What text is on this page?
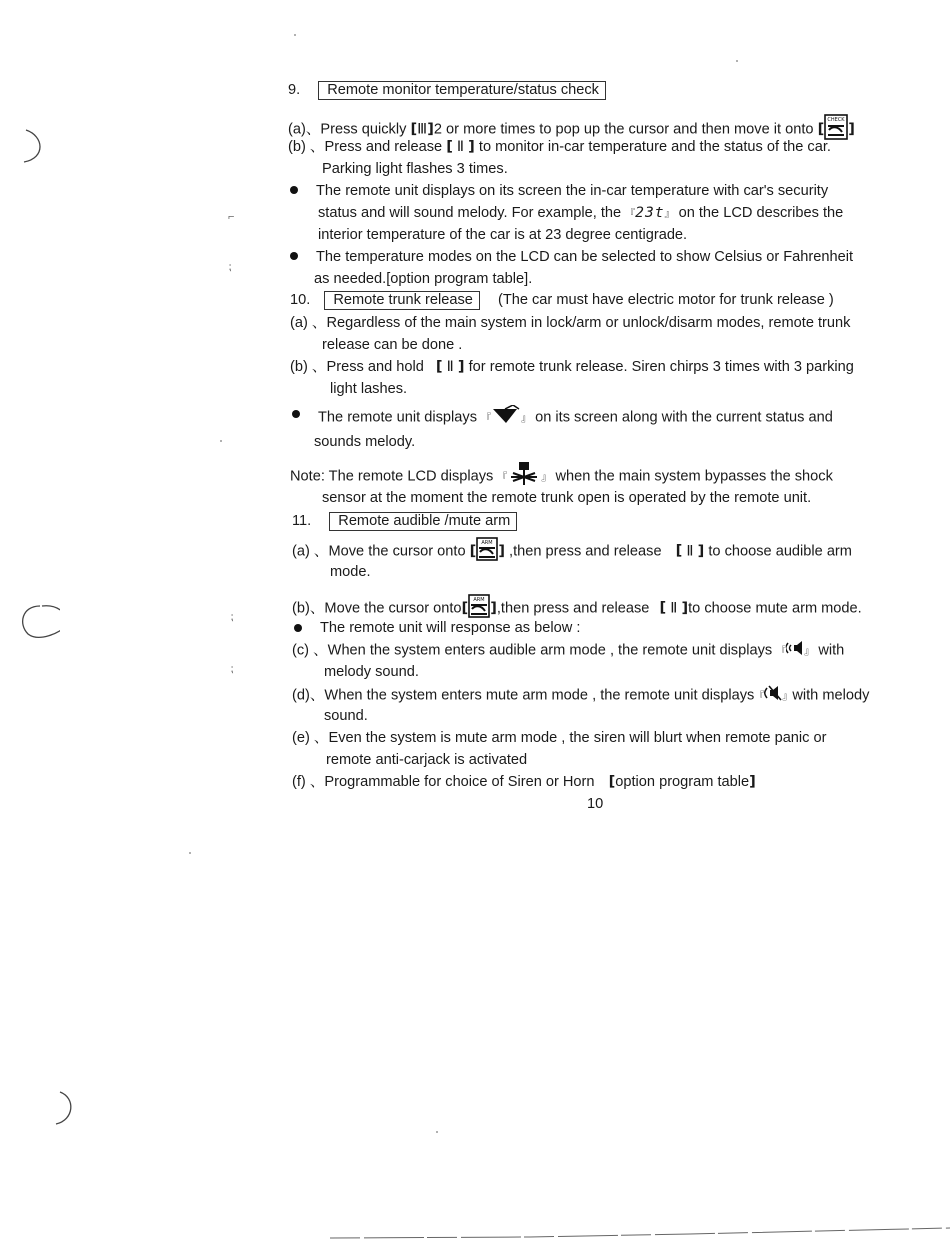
⌐
⁏
⁏
⁏
9. Remote monitor temperature/status check
(a)、Press quickly [Ⅲ]2 or more times to pop up the cursor and then move it onto [
CHECK
]
(b) 、Press and release [ Ⅱ ] to monitor in-car temperature and the status of the car.
Parking light flashes 3 times.
The remote unit displays on its screen the in-car temperature with car's security
status and will sound melody. For example, the 『23t』 on the LCD describes the
interior temperature of the car is at 23 degree centigrade.
The temperature modes on the LCD can be selected to show Celsius or Fahrenheit
as needed.[option program table].
10. Remote trunk release (The car must have electric motor for trunk release )
(a) 、Regardless of the main system in lock/arm or unlock/disarm modes, remote trunk
release can be done .
(b) 、Press and hold [ Ⅱ ] for remote trunk release. Siren chirps 3 times with 3 parking
light lashes.
The remote unit displays 『	』 on its screen along with the current status and
sounds melody.
Note: The remote LCD displays 『	』 when the main system bypasses the shock
sensor at the moment the remote trunk open is operated by the remote unit.
11. Remote audible /mute arm
(a) 、Move the cursor onto [ ARM ] ,then press and release [ Ⅱ ] to choose audible arm
mode.
(b)、Move the cursor onto[ ARM ],then press and release [ Ⅱ ]to choose mute arm mode.
The remote unit will response as below :
(c) 、When the system enters audible arm mode , the remote unit displays 『 』 with
melody sound.
(d)、When the system enters mute arm mode , the remote unit displays『 』with melody
sound.
(e) 、Even the system is mute arm mode , the siren will blurt when remote panic or
remote anti-carjack is activated
(f) 、Programmable for choice of Siren or Horn [option program table]
10
